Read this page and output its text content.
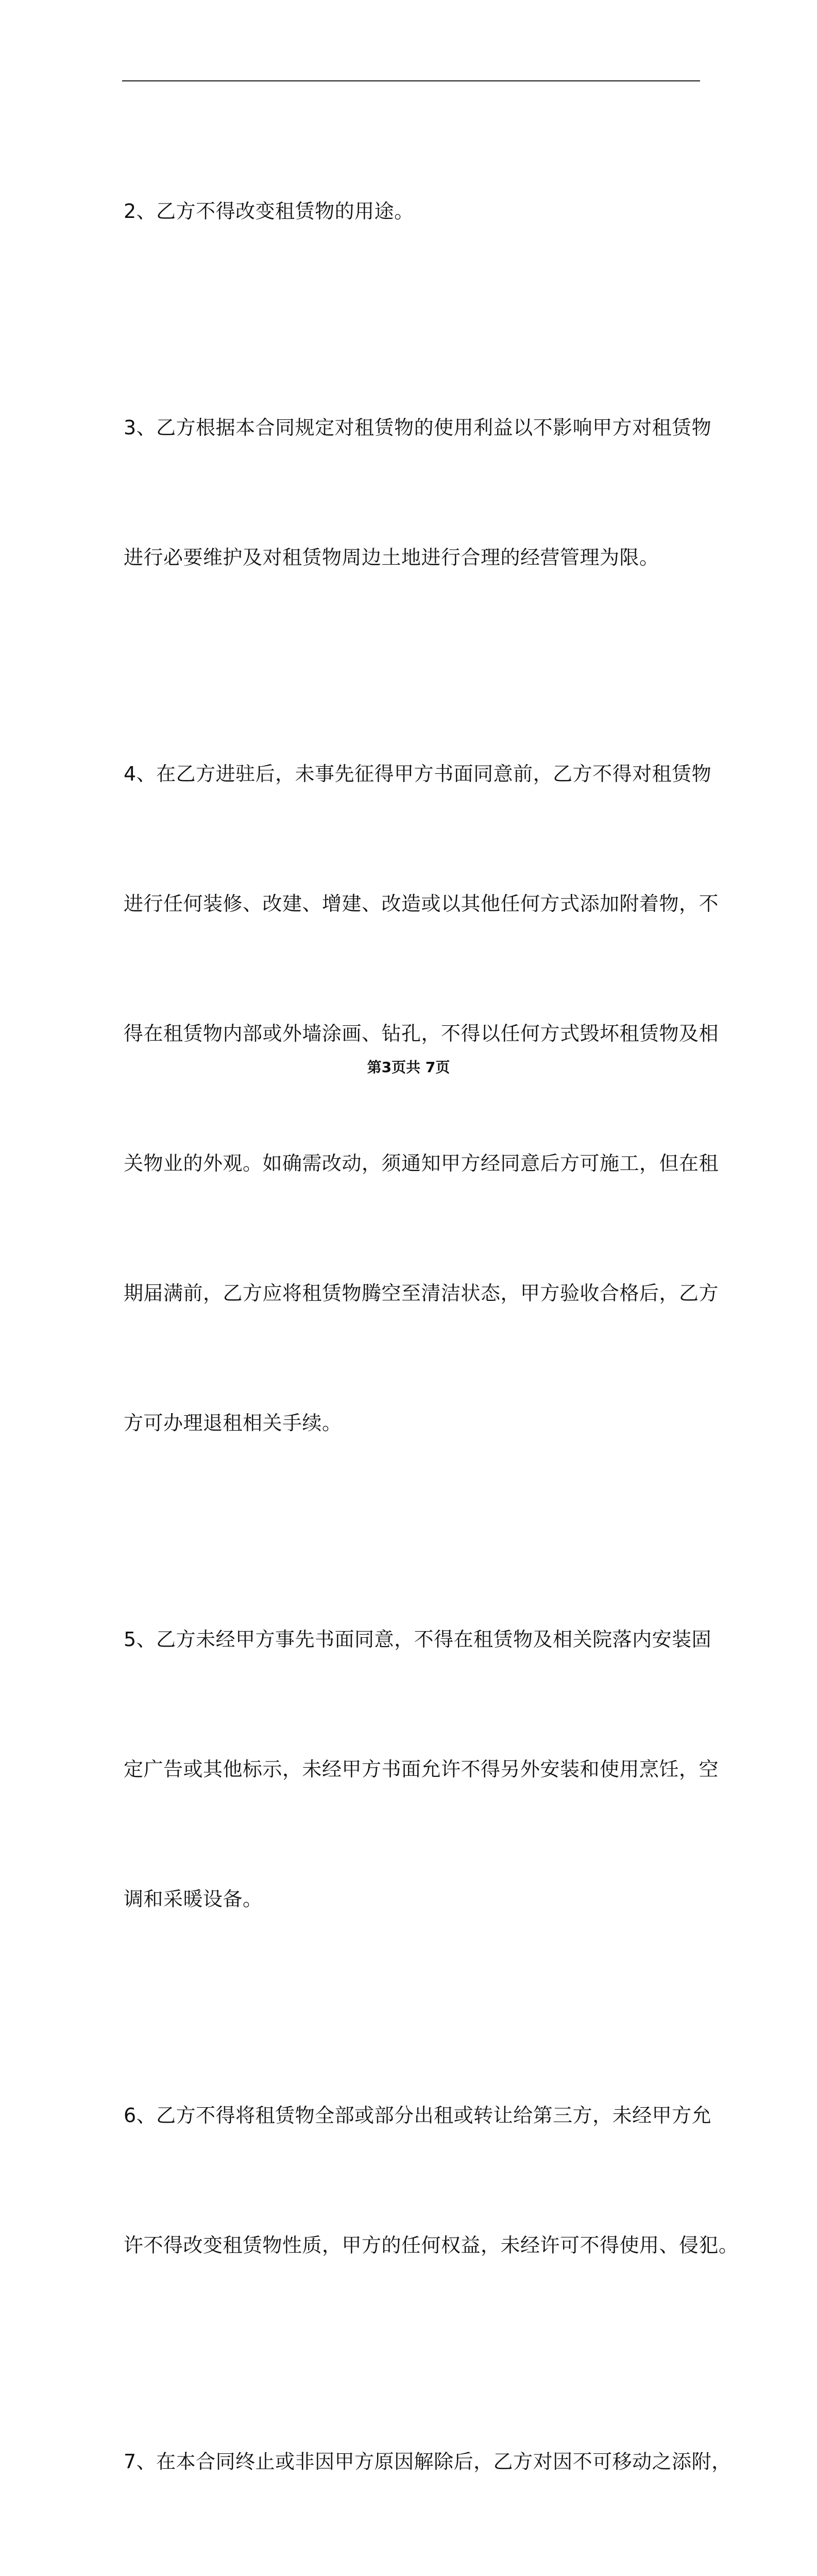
2、乙方不得改变租赁物的用途。

3、乙方根据本合同规定对租赁物的使用利益以不影响甲方对租赁物

进行必要维护及对租赁物周边土地进行合理的经营管理为限。

4、在乙方进驻后，未事先征得甲方书面同意前，乙方不得对租赁物

进行任何装修、改建、增建、改造或以其他任何方式添加附着物，不

得在租赁物内部或外墙涂画、钻孔，不得以任何方式毁坏租赁物及相

关物业的外观。如确需改动，须通知甲方经同意后方可施工，但在租

期届满前，乙方应将租赁物腾空至清洁状态，甲方验收合格后，乙方

方可办理退租相关手续。

5、乙方未经甲方事先书面同意，不得在租赁物及相关院落内安装固

定广告或其他标示，未经甲方书面允许不得另外安装和使用烹饪，空

调和采暖设备。

6、乙方不得将租赁物全部或部分出租或转让给第三方，未经甲方允

许不得改变租赁物性质，甲方的任何权益，未经许可不得使用、侵犯。

7、在本合同终止或非因甲方原因解除后，乙方对因不可移动之添附，

第3页共 7页
